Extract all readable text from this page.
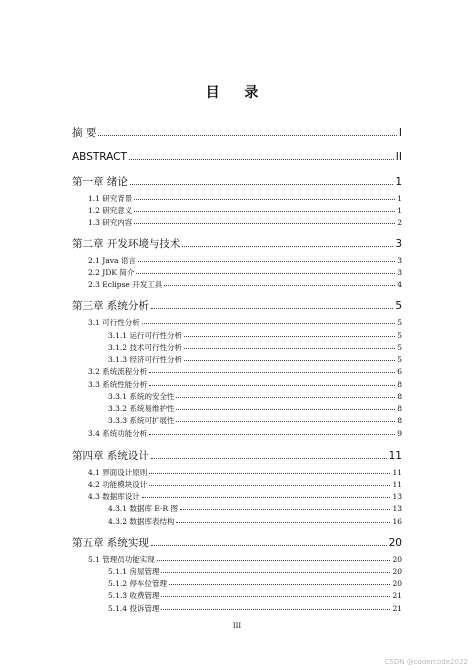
目 录
摘 要	I
ABSTRACT	II
第一章 绪论	1
1.1 研究背景	1
1.2 研究意义	1
1.3 研究内容	2
第二章 开发环境与技术	3
2.1 Java 语言	3
2.2 JDK 简介	3
2.3 Eclipse 开发工具	4
第三章 系统分析	5
3.1 可行性分析	5
3.1.1 运行可行性分析	5
3.1.2 技术可行性分析	5
3.1.3 经济可行性分析	5
3.2 系统流程分析	6
3.3 系统性能分析	8
3.3.1 系统的安全性	8
3.3.2 系统易维护性	8
3.3.3 系统可扩展性	8
3.4 系统功能分析	9
第四章 系统设计	11
4.1 界面设计原则	11
4.2 功能模块设计	11
4.3 数据库设计	13
4.3.1 数据库 E-R 图	13
4.3.2 数据库表结构	16
第五章 系统实现	20
5.1 管理员功能实现	20
5.1.1 房屋管理	20
5.1.2 停车位管理	20
5.1.3 收费管理	21
5.1.4 投诉管理	21
III
CSDN @codercode2022
